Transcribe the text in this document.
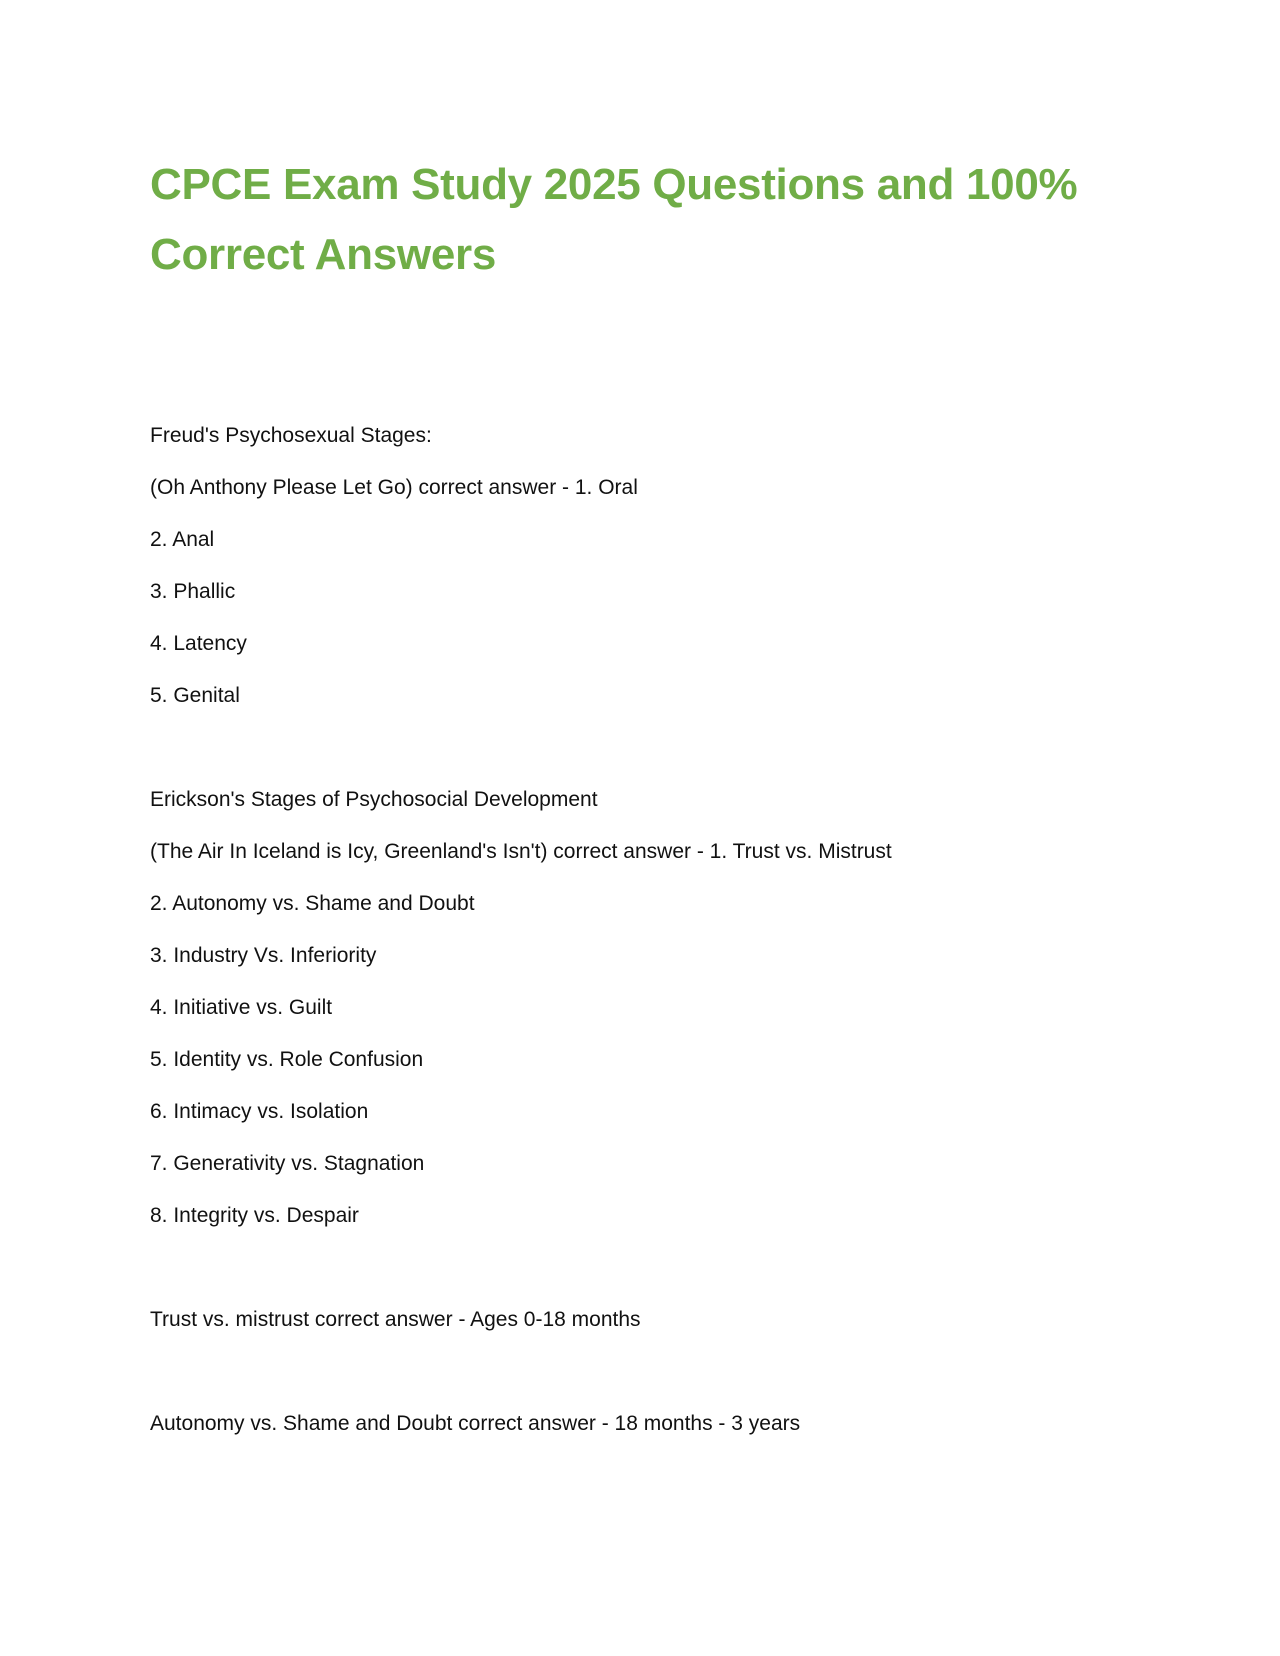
CPCE Exam Study 2025 Questions and 100%
Correct Answers
Freud's Psychosexual Stages:
(Oh Anthony Please Let Go) correct answer - 1. Oral
2. Anal
3. Phallic
4. Latency
5. Genital
Erickson's Stages of Psychosocial Development
(The Air In Iceland is Icy, Greenland's Isn't) correct answer - 1. Trust vs. Mistrust
2. Autonomy vs. Shame and Doubt
3. Industry Vs. Inferiority
4. Initiative vs. Guilt
5. Identity vs. Role Confusion
6. Intimacy vs. Isolation
7. Generativity vs. Stagnation
8. Integrity vs. Despair
Trust vs. mistrust correct answer - Ages 0-18 months
Autonomy vs. Shame and Doubt correct answer - 18 months - 3 years
